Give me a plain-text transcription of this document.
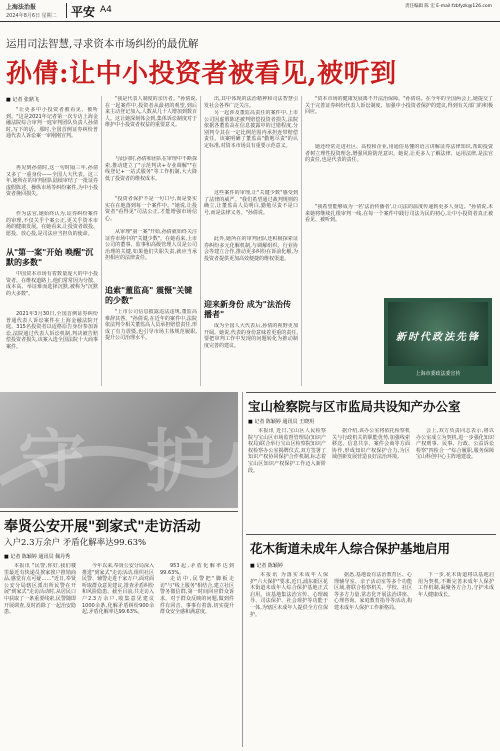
上海法治报
2024年8月6日 星期二 平安 A4	责任编辑 陈 宏 E-mail:fzbfyzk@126.com
运用司法智慧,寻求资本市场纠纷的最优解
孙倩:让中小投资者被看见,被听到
■ 记者 张鼎飞

"让更多中小投资者被看见、被听到。"这是2021年记者第一次专访上海金融法院综合审判一庭审判团队负责人孙倩时,写下的话。那时,全国首例证券纠纷普通代表人诉讼案一审刚刚宣判。

再见到孙倩时,这一句时隔三年,孙倩又多了一重身份——全国人大代表。这三年,她所在的审判团队陆续审结了一批证券虚假陈述、操纵市场等纠纷案件,为中小投资者挽回损失。

作为法官,她始终认为,证券纠纷案件的审理,不仅关乎个案公正,更关乎资本市场的健康发展。在她看来,让投资者敢投、愿投、放心投,是司法应当担负的使命。

从"第一案"开始 唤醒"沉默的多数"

中国资本市场有着数量庞大的中小投资者。在维权道路上,他们常常因为分散、成本高、举证难而选择沉默,被称为"沉默的大多数"。

2021年3月30日,全国首例证券纠纷普通代表人诉讼案件在上海金融法院开庭。315名投资者以适格原告身份参加诉讼,法院通过代表人诉讼机制,判决被告赔偿投资者损失,该案入选全国法院十大商事案件。

"我是代表人制度的亲历者。"孙倩说,在一起案件中,投资者从最初的观望,到后来主动登记加入,人数从几十人增加到数百人。这让她深刻体会到,集体诉讼制度对于维护中小投资者权益的重要意义。

与此同时,孙倩和团队在审理中不断探索,推动建立了"示范判决+专业调解""在线登记+一站式服务"等工作机制,大大降低了投资者的维权成本。

"投资者保护不是一句口号,而是要实实在在地落到每一个案件中。"她说,让投资者"看得见"司法公正,才能增强市场信心。

从审理"第一案"开始,孙倩就始终关注证券市场中的"关键少数"。在她看来,上市公司的董事、监事和高级管理人员是公司治理的关键,如果他们失职失责,就应当承担相应的法律责任。

追索"董监高" 震慑"关键的少数"

"上市公司信息披露违法违规,董监高难辞其咎。"孙倩说,在近年的案件中,法院依法判令相关董监高人员承担赔偿责任,形成了有力震慑,也引导市场主体规范履职,提升公司治理水平。

出,其中体现的法治精神和司法智慧引发社会各界广泛关注。

另一起涉及董监高责任的案件中,上市公司因虚假陈述被判赔偿投资者损失,法院依据各董监高在信息披露中的过错程度,分别判令其在一定比例范围内承担连带赔偿责任。该案明确了董监高"勤勉尽责"的认定标准,对资本市场具有重要示范意义。

这些案件的审理,让"关键少数"感受到了法律的威严。"我们希望通过裁判规则的确立,让董监高人员明白,勤勉尽责不是口号,而是法律义务。"孙倩说。

此外,她所在的审判团队还积极探索证券纠纷多元化解机制,与调解组织、行业协会等建立合作,推动更多纠纷在诉前化解,为投资者提供更加高效便捷的维权渠道。

迎来新身份 成为"法治传播者"

成为全国人大代表后,孙倩的视野更加开阔。她说,代表的身份意味着更重的责任,要把审判工作中发现的问题转化为推动制度完善的建议。

"资本市场的健康发展离不开法治保障。"孙倩说。在今年的全国两会上,她提交了关于完善证券纠纷代表人诉讼制度、加强中小投资者保护的建议,得到有关部门的积极回应。

她还经常走进社区、高校和企业,用通俗易懂的语言讲解证券法律知识,帮助投资者树立理性投资理念,增强风险防范意识。她说,让更多人了解法律、运用法律,是法官的责任,也是代表的责任。

"我希望能够成为一名'法治传播者',让司法的温度传递到更多人身边。"孙倩说,未来她将继续扎根审判一线,在每一个案件中践行司法为民的初心,让中小投资者真正被看见、被听到。

新时代政法先锋
上海市委政法委宣传
守 护
奉贤公安开展"到家式"走访活动
入户2.3万余户 矛盾化解率达99.63%
■ 记者 陈颖婷 通讯员 佩丹秀

本报讯 "民警,你好,我们楼里最近有快递员挨家挨户推销商品,感觉有点可疑……"近日,奉贤公安分局辖区派出所民警在开展"到家式"走访活动时,从居民口中获取了一条重要线索,民警随即开展调查,及时消除了一起治安隐患。

今年以来,奉贤公安分局深入推进"到家式"走访活动,组织社区民警、辅警走进千家万户,面对面听取群众意见建议,排查矛盾纠纷和风险隐患。截至目前,共走访入户2.3万余户,收集意见建议1000余条,化解矛盾纠纷900余起,矛盾化解率达99.63%。

953起,矛盾化解率达到99.63%。

走访中,民警把"脚板走访"与"线上服务"相结合,建立社区警务微信群,第一时间回应群众诉求。对于群众反映的问题,做到件件有回音、事事有着落,切实提升群众安全感和满意度。

宝山检察院与区市监局共设知产办公室
■ 记者 陈颖婷 通讯员 王晓玥

本报讯 近日,宝山区人民检察院与宝山区市场监督管理局(知识产权局)联合举行宝山区检察院知识产权检察办公室揭牌仪式,双方签署了知识产权协同保护合作机制,标志着宝山区知识产权保护工作迈入新阶段。

据介绍,该办公室将依托检察机关与行政机关的职能优势,加强线索移送、信息共享、案件会商等方面协作,形成知识产权保护合力,为区域创新发展营造良好法治环境。

会上,双方负责同志表示,将以办公室成立为契机,进一步强化知识产权刑事、民事、行政、公益诉讼检察"四检合一"综合履职,服务保障宝山科创中心主阵地建设。

花木街道未成年人综合保护基地启用
■ 记者 陈颖婷

本报讯 为落实未成年人保护"六大保护"要求,近日,浦东新区花木街道未成年人综合保护基地正式启用。该基地集法治宣传、心理疏导、司法保护、社会观护等功能于一体,为辖区未成年人提供全方位保护。

据悉,基地设有法治教育区、心理辅导室、亲子活动室等多个功能区域,将联合检察机关、学校、社区等多方力量,常态化开展法治讲座、心理咨询、家庭教育指导等活动,构建未成年人保护工作新格局。

下一步,花木街道将以基地启用为契机,不断完善未成年人保护工作机制,凝聚各方合力,守护未成年人健康成长。
